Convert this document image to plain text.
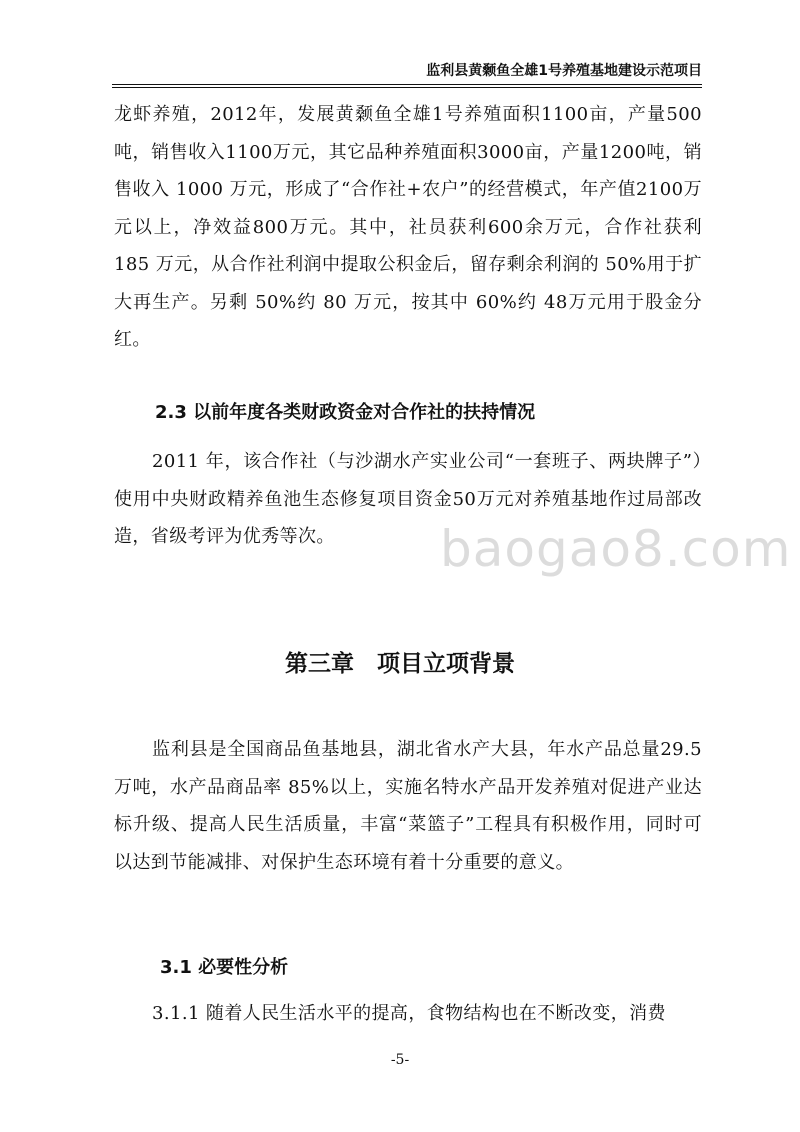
监利县黄颡鱼全雄1号养殖基地建设示范项目

龙虾养殖，2012年，发展黄颡鱼全雄1号养殖面积1100亩，产量500吨，销售收入1100万元，其它品种养殖面积3000亩，产量1200吨，销售收入 1000 万元，形成了“合作社+农户”的经营模式，年产值2100万元以上，净效益800万元。其中，社员获利600余万元，合作社获利 185 万元，从合作社利润中提取公积金后，留存剩余利润的 50%用于扩大再生产。另剩 50%约 80 万元，按其中 60%约 48万元用于股金分红。

2.3 以前年度各类财政资金对合作社的扶持情况

2011 年，该合作社（与沙湖水产实业公司“一套班子、两块牌子”）使用中央财政精养鱼池生态修复项目资金50万元对养殖基地作过局部改造，省级考评为优秀等次。	baogao8.com

第三章　项目立项背景

监利县是全国商品鱼基地县，湖北省水产大县，年水产品总量29.5万吨，水产品商品率 85%以上，实施名特水产品开发养殖对促进产业达标升级、提高人民生活质量，丰富“菜篮子”工程具有积极作用，同时可以达到节能减排、对保护生态环境有着十分重要的意义。

3.1 必要性分析

3.1.1 随着人民生活水平的提高，食物结构也在不断改变，消费

-5-
